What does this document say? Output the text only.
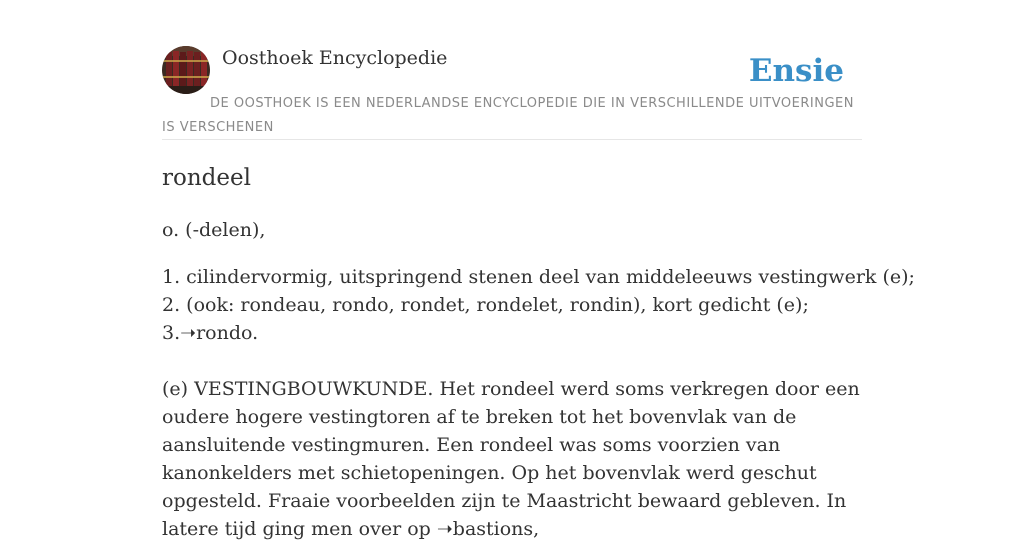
Oosthoek Encyclopedie	Ensie
DE OOSTHOEK IS EEN NEDERLANDSE ENCYCLOPEDIE DIE IN VERSCHILLENDE UITVOERINGEN IS VERSCHENEN
rondeel

o. (-delen),

1. cilindervormig, uitspringend stenen deel van middeleeuws vestingwerk (e);
2. (ook: rondeau, rondo, rondet, rondelet, rondin), kort gedicht (e);
3.➝rondo.

(e) VESTINGBOUWKUNDE. Het rondeel werd soms verkregen door een oudere hogere vestingtoren af te breken tot het bovenvlak van de aansluitende vestingmuren. Een rondeel was soms voorzien van kanonkelders met schietopeningen. Op het bovenvlak werd geschut opgesteld. Fraaie voorbeelden zijn te Maastricht bewaard gebleven. In latere tijd ging men over op ➝bastions,
